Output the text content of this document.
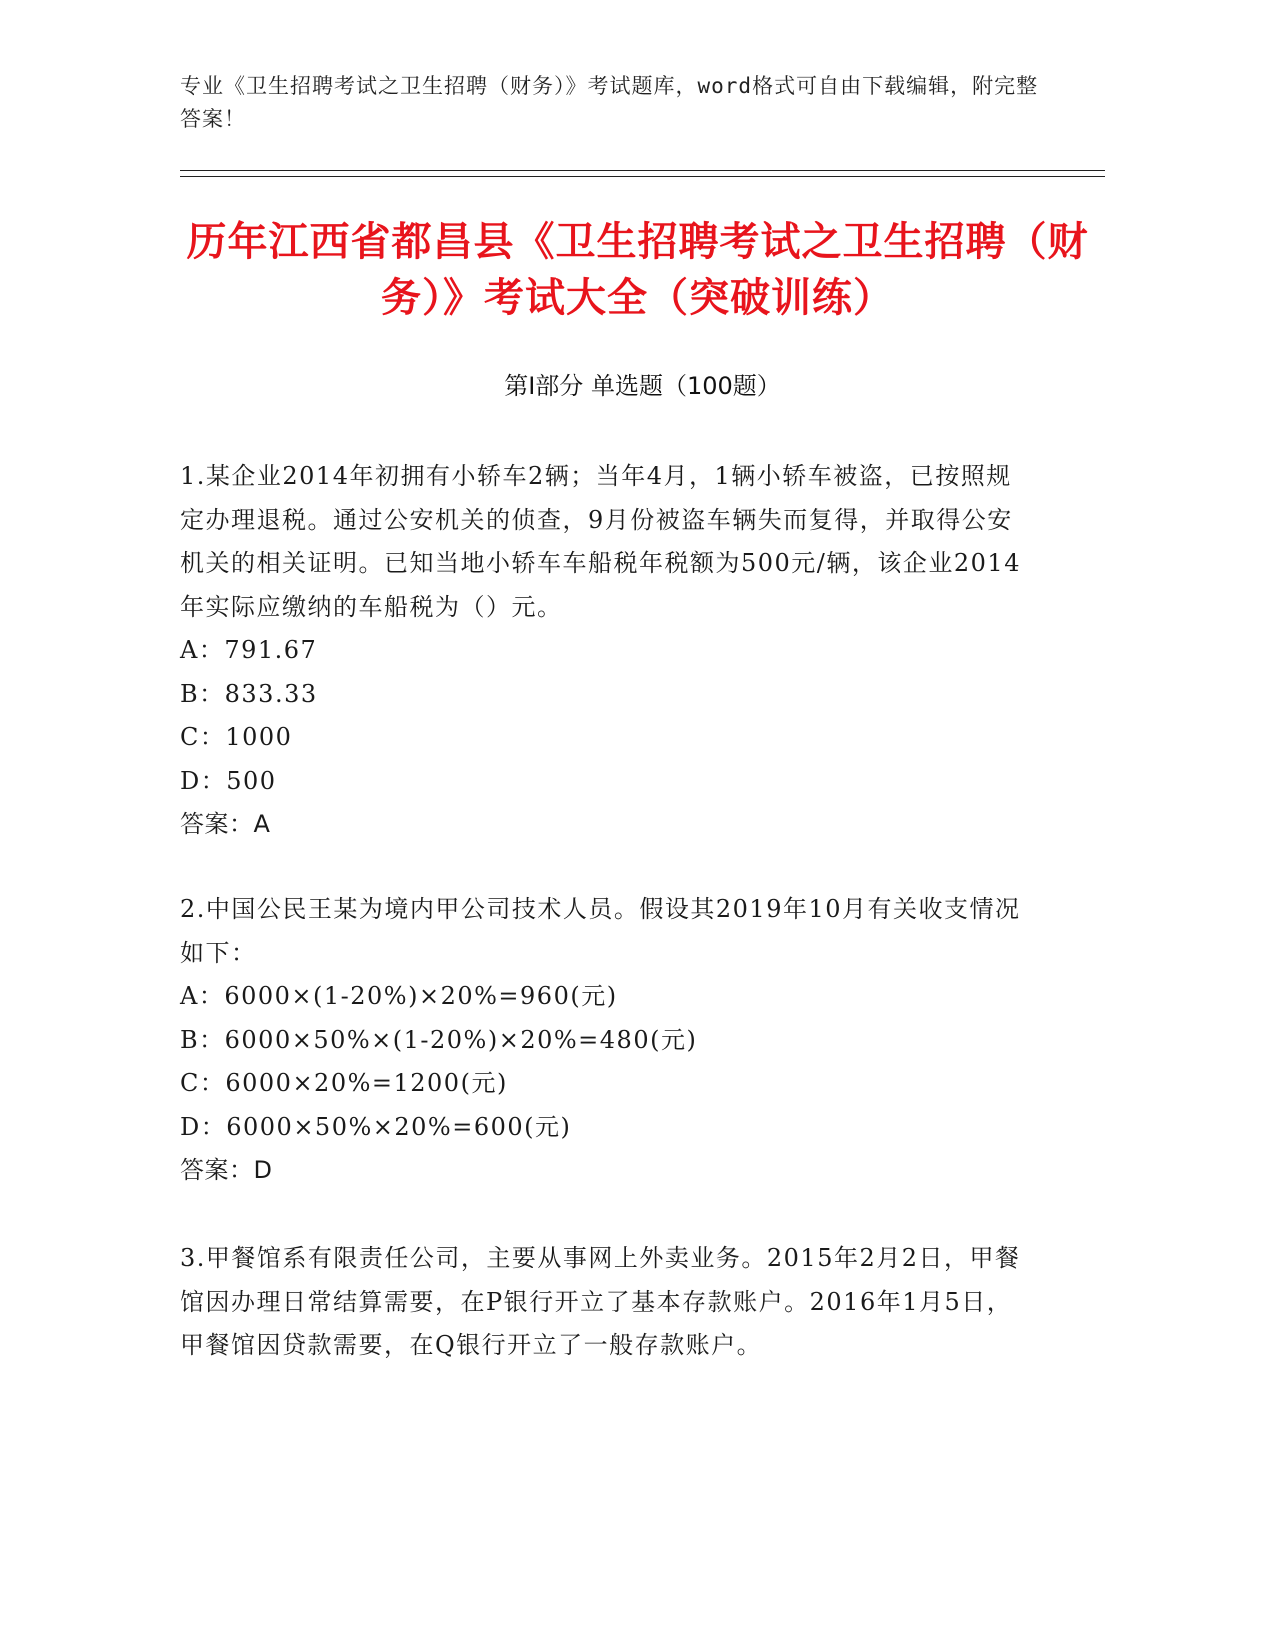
专业《卫生招聘考试之卫生招聘（财务）》考试题库，word格式可自由下载编辑，附完整答案！
历年江西省都昌县《卫生招聘考试之卫生招聘（财务）》考试大全（突破训练）
第I部分 单选题（100题）

1.某企业2014年初拥有小轿车2辆；当年4月，1辆小轿车被盗，已按照规定办理退税。通过公安机关的侦查，9月份被盗车辆失而复得，并取得公安机关的相关证明。已知当地小轿车车船税年税额为500元/辆，该企业2014年实际应缴纳的车船税为（）元。

A：791.67
B：833.33
C：1000
D：500

答案：A

2.中国公民王某为境内甲公司技术人员。假设其2019年10月有关收支情况如下：

A：6000×(1-20%)×20%=960(元)
B：6000×50%×(1-20%)×20%=480(元)
C：6000×20%=1200(元)
D：6000×50%×20%=600(元)

答案：D

3.甲餐馆系有限责任公司，主要从事网上外卖业务。2015年2月2日，甲餐馆因办理日常结算需要，在P银行开立了基本存款账户。2016年1月5日，甲餐馆因贷款需要，在Q银行开立了一般存款账户。
